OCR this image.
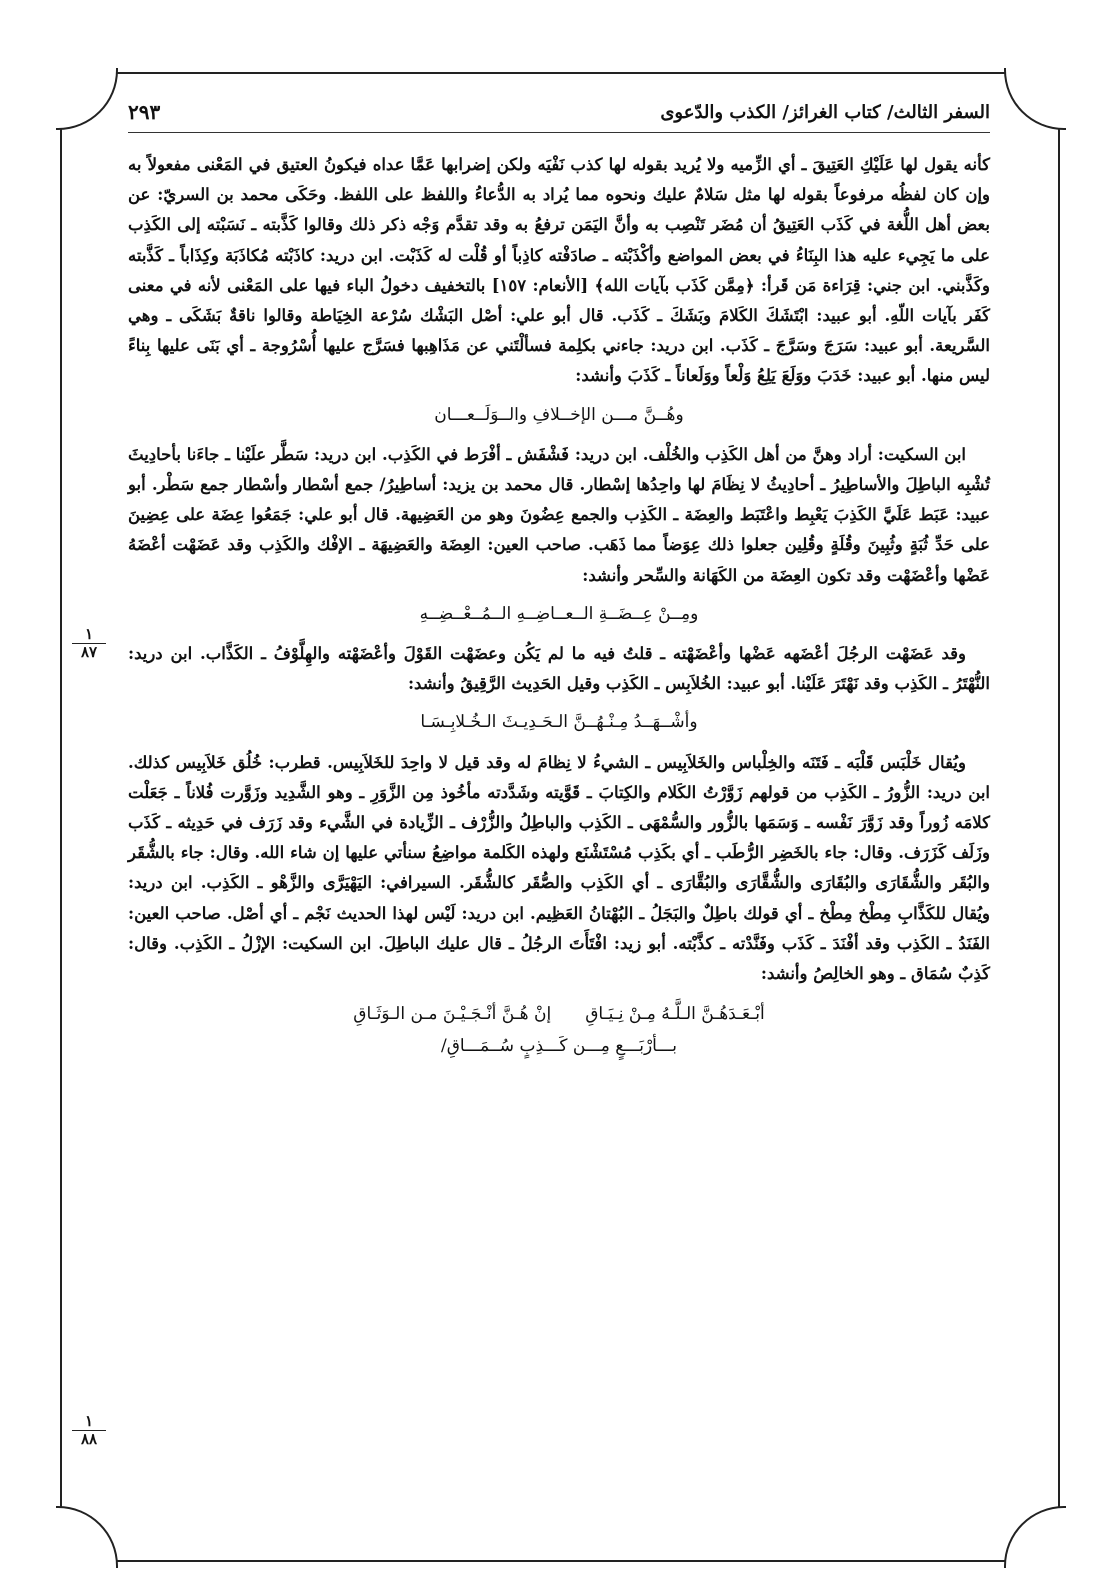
السفر الثالث/ كتاب الغرائز/ الكذب والدّعوى
٢٩٣
١
٨٧
١
٨٨

كأنه يقول لها عَلَيْكِ العَتِيقَ ـ أي الزِّميه ولا يُريد بقوله لها كذب نَفْيَه ولكن إضرابها عَمَّا عداه فيكونُ العتيق في المَعْنى مفعولاً به وإن كان لفظُه مرفوعاً بقوله لها مثل سَلامٌ عليك ونحوه مما يُراد به الدُّعاءُ واللفظ على اللفظ. وحَكَى محمد بن السريّ: عن بعض أهل اللُّغة في كَذَب العَتِيقُ أن مُضَر تَنْصِب به وأنَّ اليَمَن ترفعُ به وقد تقدَّم وَجْه ذكر ذلك وقالوا كَذَّبته ـ نَسَبْته إلى الكَذِب على ما يَجِيء عليه هذا البِنَاءُ في بعض المواضع وأكْذَبْته ـ صادَفْته كاذِباً أو قُلْت له كَذَبْت. ابن دريد: كاذَبْته مُكاذَبَة وكِذَاباً ـ كَذَّبته وكَذَّبني. ابن جني: قِرَاءة مَن قَرأ: ﴿مِمَّن كَذَب بآيات الله﴾ [الأنعام: ١٥٧] بالتخفيف دخولُ الباء فيها على المَعْنى لأنه في معنى كَفَر بآيات اللّهِ. أبو عبيد: ابْتَشَكَ الكَلامَ وبَشَكَ ـ كَذَب. قال أبو علي: أصْل البَشْك سُرْعة الخِيَاطة وقالوا ناقةٌ بَشَكَى ـ وهي السَّريعة. أبو عبيد: سَرَجَ وسَرَّجَ ـ كَذَب. ابن دريد: جاءني بكلِمة فسألْتَني عن مَذَاهِبها فسَرَّج عليها أُسْرُوجة ـ أي بَنَى عليها بِناءً ليس منها. أبو عبيد: خَدَبَ ووَلَعَ يَلِعُ وَلْعاً ووَلَعاناً ـ كَذَبَ وأنشد:

وهُــنَّ مـــن الإخــلافِ والــوَلَــعـــان

ابن السكيت: أراد وهنَّ من أهل الكَذِب والخُلْف. ابن دريد: فَشْفَش ـ أفْرَط في الكَذِب. ابن دريد: سَطَّر علَيْنا ـ جاءَنا بأحادِيثَ تُشْبِه الباطِلَ والأساطِيرُ ـ أحادِيثُ لا نِظَامَ لها واحِدُها إسْطار. قال محمد بن يزيد: أساطِيرُ/ جمع أسْطار وأسْطار جمع سَطْر. أبو عبيد: عَبَط عَلَيَّ الكَذِبَ يَعْبِط واعْتَبَط والعِضَة ـ الكَذِب والجمع عِضُونَ وهو من العَضِيهة. قال أبو علي: جَمَعُوا عِضَة على عِضِينَ على حَدِّ ثُبَةٍ وثُبِينَ وقُلَةٍ وقُلِين جعلوا ذلك عِوَضاً مما ذَهَب. صاحب العين: العِضَة والعَضِيهَة ـ الإفْك والكَذِب وقد عَضَهْت أعْضَهُ عَضْها وأعْضَهْت وقد تكون العِضَة من الكَهَانة والسِّحر وأنشد:

ومِــنْ عِــضَــةِ الــعــاضِــهِ الــمُــعْــضِــهِ

وقد عَضَهْت الرجُلَ أعْضَهه عَضْها وأعْضَهْته ـ قلتُ فيه ما لم يَكُن وعضَهْت القَوْلَ وأعْضَهْته والهِلَّوْفُ ـ الكَذَّاب. ابن دريد: النُّهْتَرُ ـ الكَذِب وقد نَهْتَرَ عَلَيْنا. أبو عبيد: الخُلاَبِس ـ الكَذِب وقيل الحَدِيث الرَّقِيقُ وأنشد:

وأشْــهَــدُ مِـنْـهُــنَّ الـحَـدِيـثَ الـخُـلابِـسَـا

ويُقال خَلْبَس قَلْبَه ـ فَتَنَه والخِلْباس والخَلاَبِيس ـ الشيءُ لا نِظامَ له وقد قيل لا واحِدَ للخَلاَبِيس. قطرب: خُلُق خَلاَبِيس كذلك. ابن دريد: الزُّورُ ـ الكَذِب من قولهم زَوَّرْتُ الكَلام والكِتابَ ـ قَوَّيته وشَدَّدته مأخُوذ مِن الزَّوَرِ ـ وهو الشَّدِيد وزَوَّرت فُلاناً ـ جَعَلْت كلامَه زُوراً وقد زَوَّرَ نَفْسه ـ وَسَمَها بالزُّور والسُّمْهَى ـ الكَذِب والباطِلُ والزُّرْف ـ الزِّيادة في الشَّيء وقد زَرَف في حَدِيثه ـ كَذَب وزَلَف كَزَرَف. وقال: جاء بالخَضِر الرُّطَب ـ أي بكَذِب مُسْتَشْنَع ولهذه الكَلمة مواضِعُ سنأتي عليها إن شاء الله. وقال: جاء بالشُّقَر والبُقَر والشُّقَارَى والبُقَارَى والشُّقَّارَى والبُقَّارَى ـ أي الكَذِب والصُّقَر كالشُّقَر. السيرافي: اليَهْيَرَّى والزَّهْو ـ الكَذِب. ابن دريد: ويُقال للكَذَّابِ مِطْخ مِطْخ ـ أي قولك باطِلٌ والبَجَلُ ـ البُهْتانُ العَظِيم. ابن دريد: لَيْس لهذا الحديث نَجْم ـ أي أصْل. صاحب العين: الفَنَدُ ـ الكَذِب وقد أفْنَدَ ـ كَذَب وفَنَّدْته ـ كذَّبْته. أبو زيد: افْتَأَتَ الرجُلُ ـ قال عليك الباطِلَ. ابن السكيت: الإزْلُ ـ الكَذِب. وقال: كَذِبٌ سُمَاق ـ وهو الخالِصُ وأنشد:

أبْـعَـدَهُـنَّ الـلَّـهُ مِـنْ نِـيَـاقِ
إنْ هُـنَّ أنْـجَـيْـنَ مـن الـوَثَـاقِ
بـــأرْبَـــعٍ مِـــن كَـــذِبٍ سُــمَـــاقِ/
